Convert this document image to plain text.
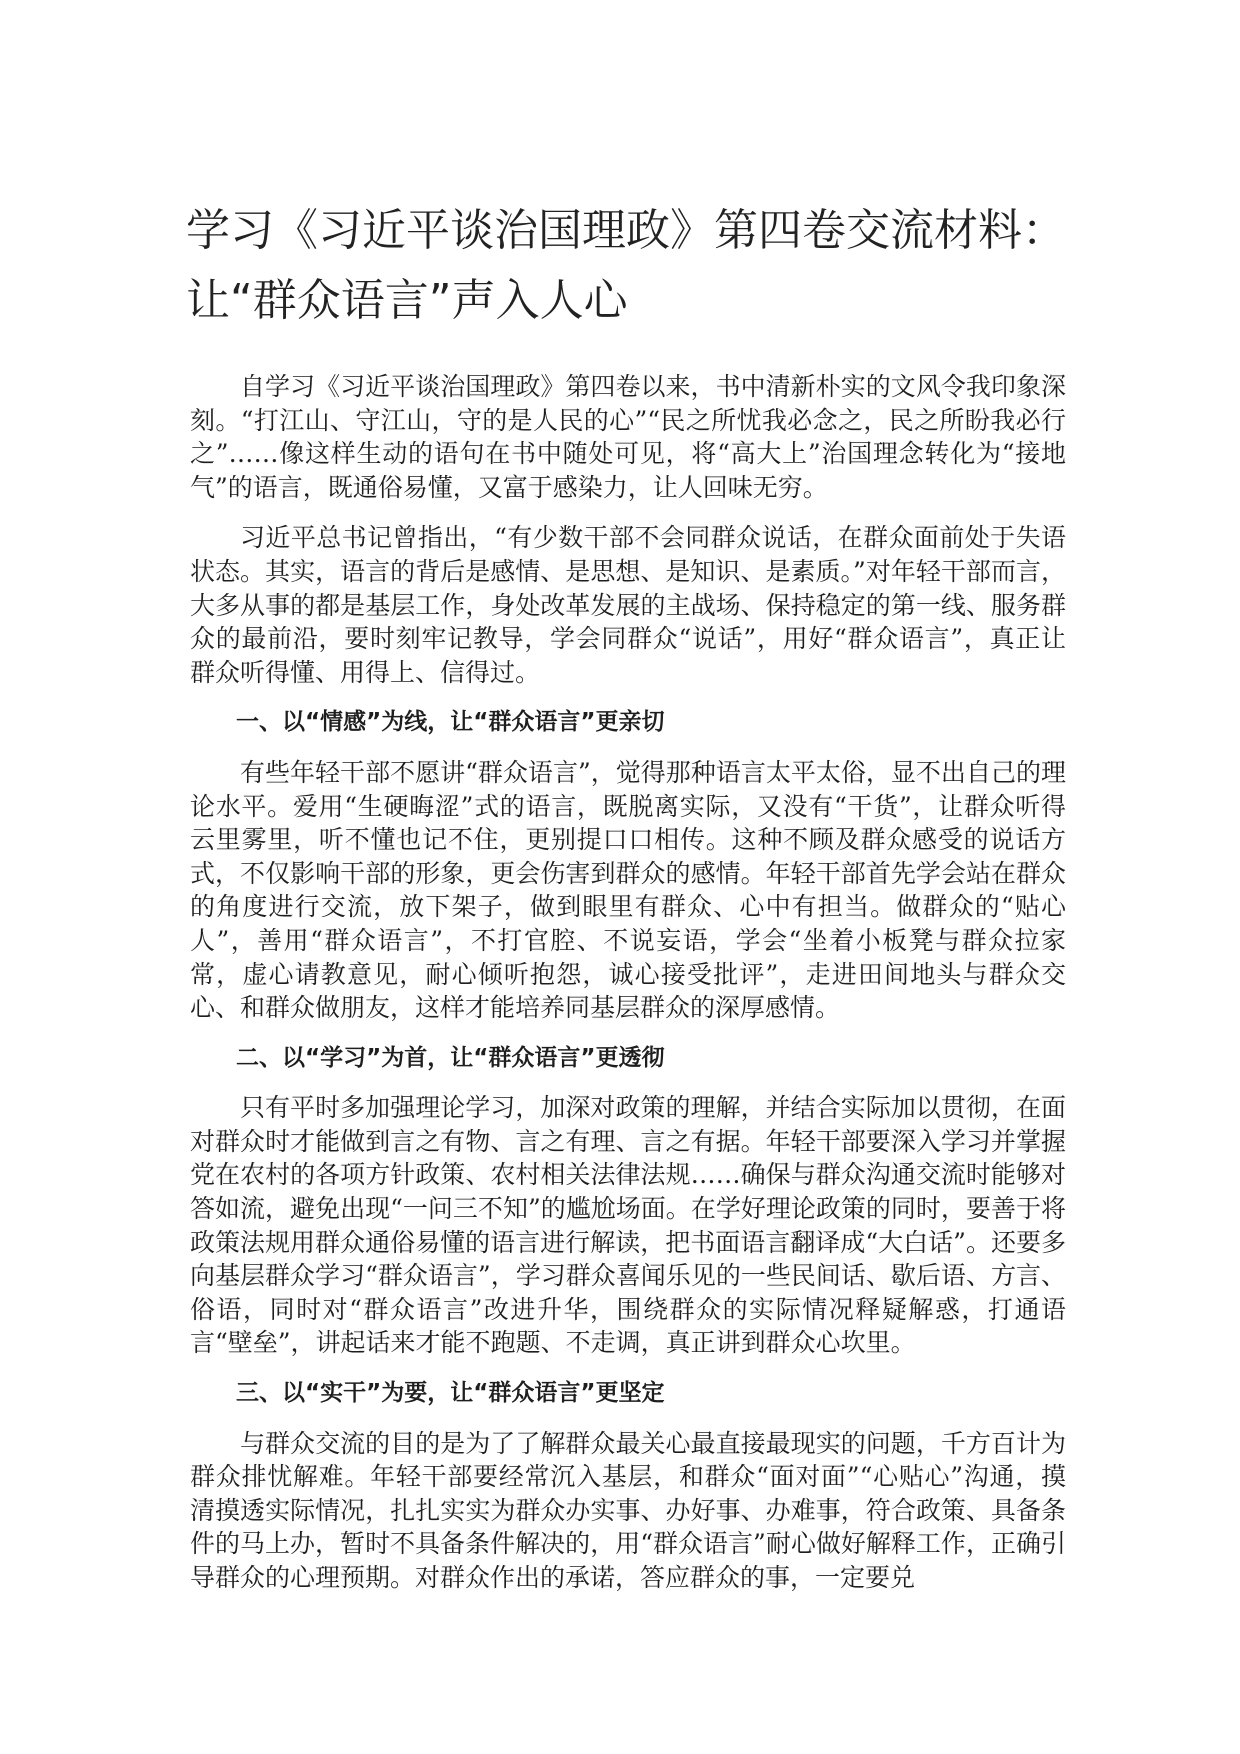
学习《习近平谈治国理政》第四卷交流材料：让“群众语言”声入人心

自学习《习近平谈治国理政》第四卷以来，书中清新朴实的文风令我印象深刻。“打江山、守江山，守的是人民的心”“民之所忧我必念之，民之所盼我必行之”……像这样生动的语句在书中随处可见，将“高大上”治国理念转化为“接地气”的语言，既通俗易懂，又富于感染力，让人回味无穷。

习近平总书记曾指出，“有少数干部不会同群众说话，在群众面前处于失语状态。其实，语言的背后是感情、是思想、是知识、是素质。”对年轻干部而言，大多从事的都是基层工作，身处改革发展的主战场、保持稳定的第一线、服务群众的最前沿，要时刻牢记教导，学会同群众“说话”，用好“群众语言”，真正让群众听得懂、用得上、信得过。

一、以“情感”为线，让“群众语言”更亲切

有些年轻干部不愿讲“群众语言”，觉得那种语言太平太俗，显不出自己的理论水平。爱用“生硬晦涩”式的语言，既脱离实际，又没有“干货”，让群众听得云里雾里，听不懂也记不住，更别提口口相传。这种不顾及群众感受的说话方式，不仅影响干部的形象，更会伤害到群众的感情。年轻干部首先学会站在群众的角度进行交流，放下架子，做到眼里有群众、心中有担当。做群众的“贴心人”，善用“群众语言”，不打官腔、不说妄语，学会“坐着小板凳与群众拉家常，虚心请教意见，耐心倾听抱怨，诚心接受批评”，走进田间地头与群众交心、和群众做朋友，这样才能培养同基层群众的深厚感情。

二、以“学习”为首，让“群众语言”更透彻

只有平时多加强理论学习，加深对政策的理解，并结合实际加以贯彻，在面对群众时才能做到言之有物、言之有理、言之有据。年轻干部要深入学习并掌握党在农村的各项方针政策、农村相关法律法规……确保与群众沟通交流时能够对答如流，避免出现“一问三不知”的尴尬场面。在学好理论政策的同时，要善于将政策法规用群众通俗易懂的语言进行解读，把书面语言翻译成“大白话”。还要多向基层群众学习“群众语言”，学习群众喜闻乐见的一些民间话、歇后语、方言、俗语，同时对“群众语言”改进升华，围绕群众的实际情况释疑解惑，打通语言“壁垒”，讲起话来才能不跑题、不走调，真正讲到群众心坎里。

三、以“实干”为要，让“群众语言”更坚定

与群众交流的目的是为了了解群众最关心最直接最现实的问题，千方百计为群众排忧解难。年轻干部要经常沉入基层，和群众“面对面”“心贴心”沟通，摸清摸透实际情况，扎扎实实为群众办实事、办好事、办难事，符合政策、具备条件的马上办，暂时不具备条件解决的，用“群众语言”耐心做好解释工作，正确引导群众的心理预期。对群众作出的承诺，答应群众的事，一定要兑
